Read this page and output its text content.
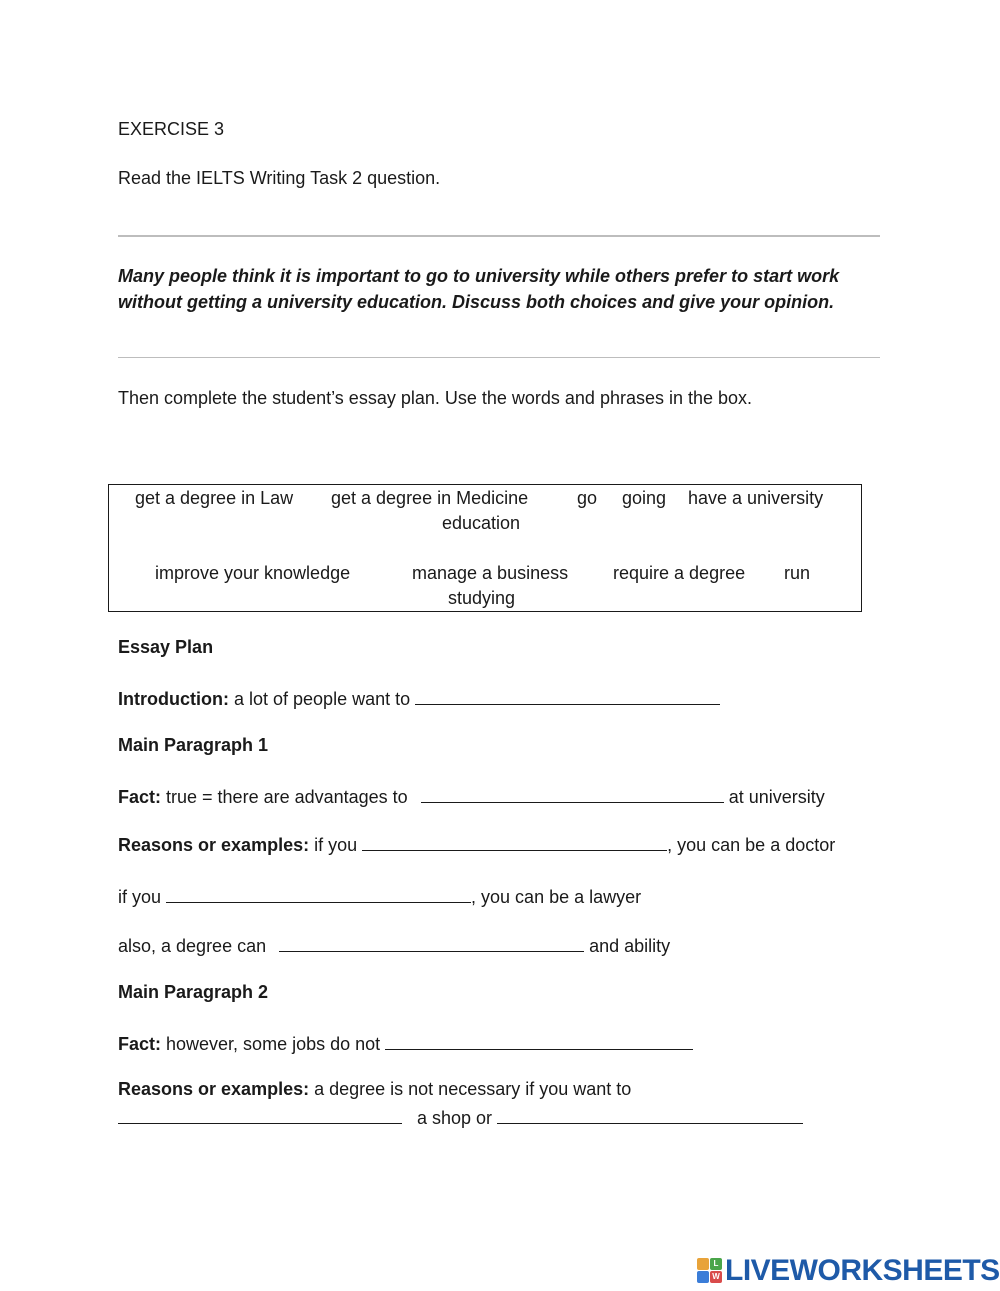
EXERCISE 3
Read the IELTS Writing Task 2 question.
Many people think it is important to go to university while others prefer to start work
without getting a university education. Discuss both choices and give your opinion.
Then complete the student’s essay plan. Use the words and phrases in the box.
get a degree in Law get a degree in Medicine	go going have a university
education
improve your knowledge	manage a business require a degree run
studying
Essay Plan
Introduction: a lot of people want to
Main Paragraph 1
Fact: true = there are advantages to	at university
Reasons or examples: if you	, you can be a doctor
if you	, you can be a lawyer
also, a degree can	and ability
Main Paragraph 2
Fact: however, some jobs do not
Reasons or examples: a degree is not necessary if you want to
a shop or
L
W LIVEWORKSHEETS
